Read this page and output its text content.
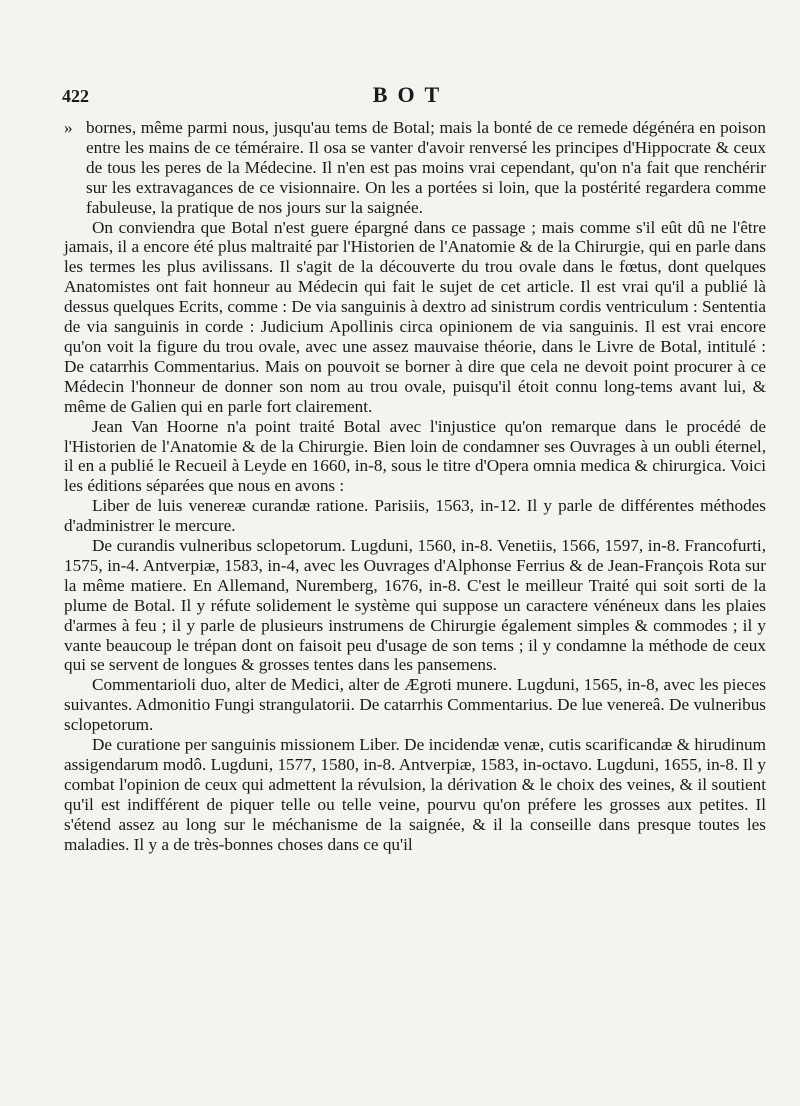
422	BOT

» bornes, même parmi nous, jusqu'au tems de Botal; mais la bonté de ce remede dégénéra en poison entre les mains de ce téméraire. Il osa se vanter d'avoir renversé les principes d'Hippocrate & ceux de tous les peres de la Médecine. Il n'en est pas moins vrai cependant, qu'on n'a fait que renchérir sur les extravagances de ce visionnaire. On les a portées si loin, que la postérité regardera comme fabuleuse, la pratique de nos jours sur la saignée.

On conviendra que Botal n'est guere épargné dans ce passage ; mais comme s'il eût dû ne l'être jamais, il a encore été plus maltraité par l'Historien de l'Anatomie & de la Chirurgie, qui en parle dans les termes les plus avilissans. Il s'agit de la découverte du trou ovale dans le fœtus, dont quelques Anatomistes ont fait honneur au Médecin qui fait le sujet de cet article. Il est vrai qu'il a publié là dessus quelques Ecrits, comme : De via sanguinis à dextro ad sinistrum cordis ventriculum : Sententia de via sanguinis in corde : Judicium Apollinis circa opinionem de via sanguinis. Il est vrai encore qu'on voit la figure du trou ovale, avec une assez mauvaise théorie, dans le Livre de Botal, intitulé : De catarrhis Commentarius. Mais on pouvoit se borner à dire que cela ne devoit point procurer à ce Médecin l'honneur de donner son nom au trou ovale, puisqu'il étoit connu long-tems avant lui, & même de Galien qui en parle fort clairement.

Jean Van Hoorne n'a point traité Botal avec l'injustice qu'on remarque dans le procédé de l'Historien de l'Anatomie & de la Chirurgie. Bien loin de condamner ses Ouvrages à un oubli éternel, il en a publié le Recueil à Leyde en 1660, in-8, sous le titre d'Opera omnia medica & chirurgica. Voici les éditions séparées que nous en avons :

Liber de luis venereæ curandæ ratione. Parisiis, 1563, in-12. Il y parle de différentes méthodes d'administrer le mercure.

De curandis vulneribus sclopetorum. Lugduni, 1560, in-8. Venetiis, 1566, 1597, in-8. Francofurti, 1575, in-4. Antverpiæ, 1583, in-4, avec les Ouvrages d'Alphonse Ferrius & de Jean-François Rota sur la même matiere. En Allemand, Nuremberg, 1676, in-8. C'est le meilleur Traité qui soit sorti de la plume de Botal. Il y réfute solidement le système qui suppose un caractere vénéneux dans les plaies d'armes à feu ; il y parle de plusieurs instrumens de Chirurgie également simples & commodes ; il y vante beaucoup le trépan dont on faisoit peu d'usage de son tems ; il y condamne la méthode de ceux qui se servent de longues & grosses tentes dans les pansemens.

Commentarioli duo, alter de Medici, alter de Ægroti munere. Lugduni, 1565, in-8, avec les pieces suivantes. Admonitio Fungi strangulatorii. De catarrhis Commentarius. De lue venereâ. De vulneribus sclopetorum.

De curatione per sanguinis missionem Liber. De incidendæ venæ, cutis scarificandæ & hirudinum assigendarum modô. Lugduni, 1577, 1580, in-8. Antverpiæ, 1583, in-octavo. Lugduni, 1655, in-8. Il y combat l'opinion de ceux qui admettent la révulsion, la dérivation & le choix des veines, & il soutient qu'il est indifférent de piquer telle ou telle veine, pourvu qu'on préfere les grosses aux petites. Il s'étend assez au long sur le méchanisme de la saignée, & il la conseille dans presque toutes les maladies. Il y a de très-bonnes choses dans ce qu'il
